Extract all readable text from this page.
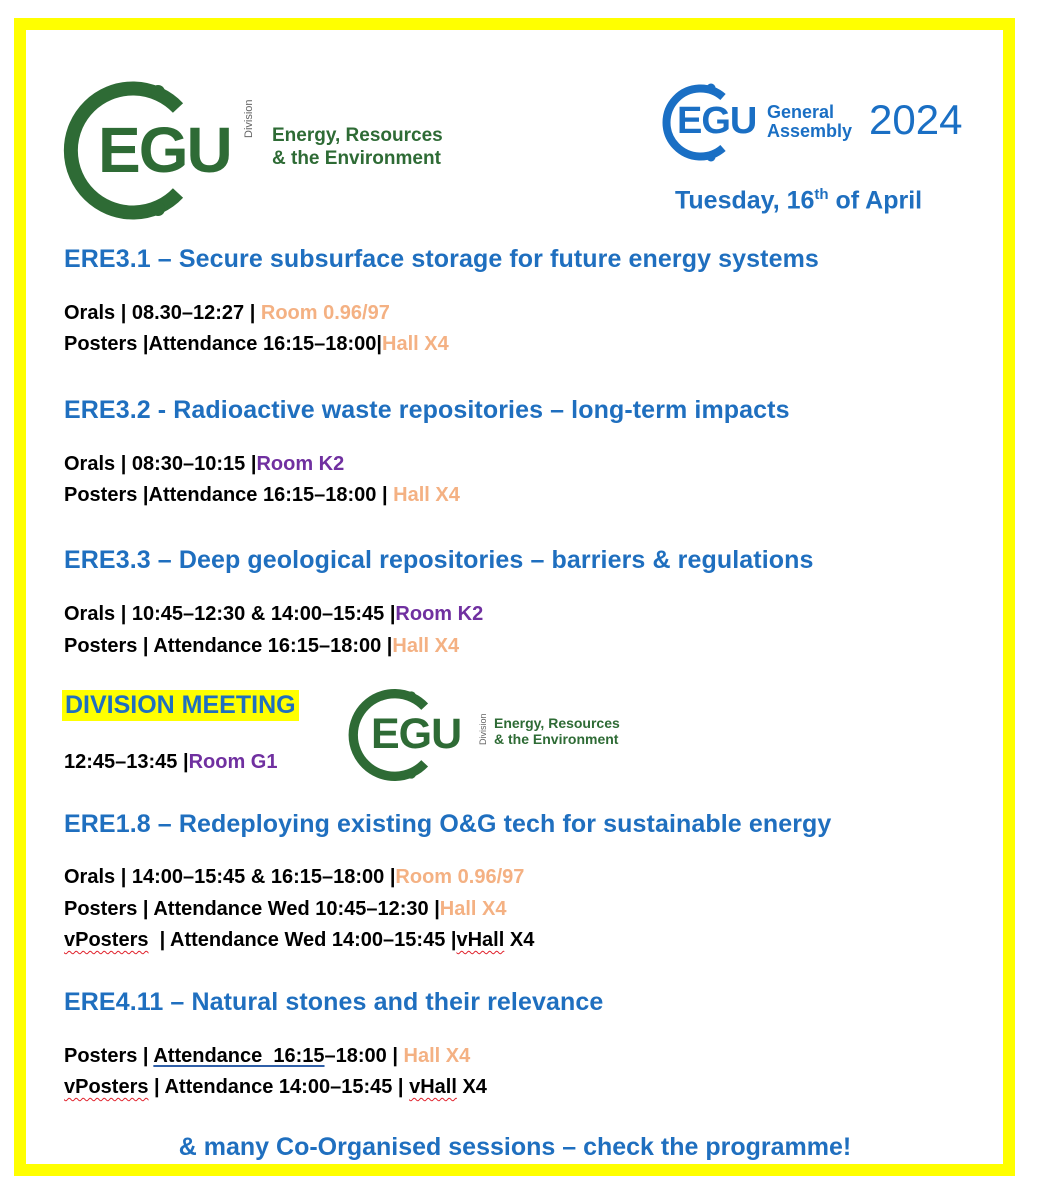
EGU Division Energy, Resources
& the Environment
EGU General
Assembly 2024
Tuesday, 16th of April
ERE3.1 – Secure subsurface storage for future energy systems
Orals | 08.30–12:27 | Room 0.96/97
Posters |Attendance 16:15–18:00|Hall X4
ERE3.2 - Radioactive waste repositories – long-term impacts
Orals | 08:30–10:15 |Room K2
Posters |Attendance 16:15–18:00 | Hall X4
ERE3.3 – Deep geological repositories – barriers & regulations
Orals | 10:45–12:30 & 14:00–15:45 |Room K2
Posters | Attendance 16:15–18:00 |Hall X4
DIVISION MEETING
12:45–13:45 |Room G1
EGU Division Energy, Resources
& the Environment
ERE1.8 – Redeploying existing O&G tech for sustainable energy
Orals | 14:00–15:45 & 16:15–18:00 |Room 0.96/97
Posters | Attendance Wed 10:45–12:30 |Hall X4
vPosters  | Attendance Wed 14:00–15:45 |vHall X4
ERE4.11 – Natural stones and their relevance
Posters | Attendance  16:15–18:00 | Hall X4
vPosters | Attendance 14:00–15:45 | vHall X4
& many Co-Organised sessions – check the programme!
